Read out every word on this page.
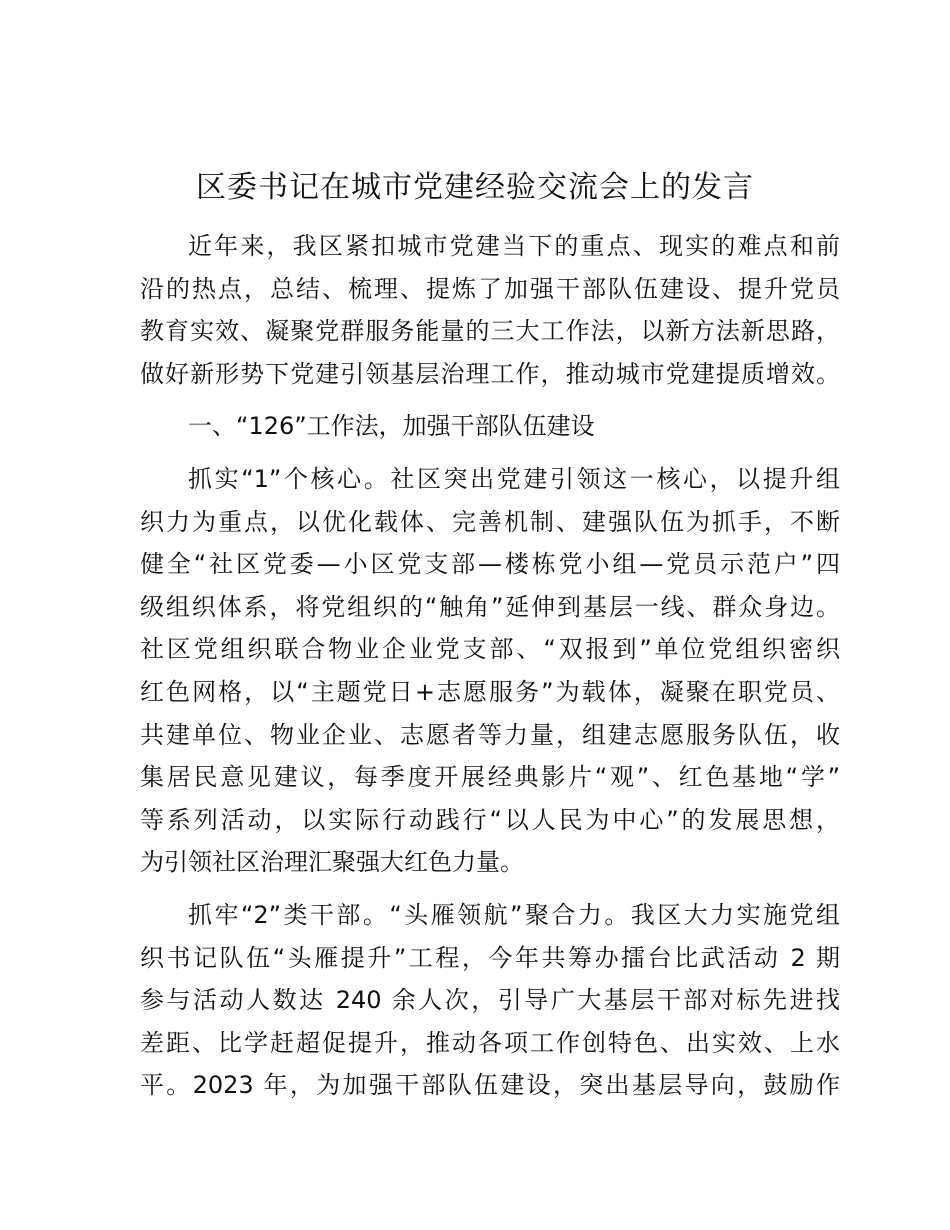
区委书记在城市党建经验交流会上的发言
近年来，我区紧扣城市党建当下的重点、现实的难点和前
沿的热点，总结、梳理、提炼了加强干部队伍建设、提升党员
教育实效、凝聚党群服务能量的三大工作法，以新方法新思路，
做好新形势下党建引领基层治理工作，推动城市党建提质增效。
一、“126”工作法，加强干部队伍建设
抓实“1”个核心。社区突出党建引领这一核心，以提升组
织力为重点，以优化载体、完善机制、建强队伍为抓手，不断
健全“社区党委—小区党支部—楼栋党小组—党员示范户”四
级组织体系，将党组织的“触角”延伸到基层一线、群众身边。
社区党组织联合物业企业党支部、“双报到”单位党组织密织
红色网格，以“主题党日+志愿服务”为载体，凝聚在职党员、
共建单位、物业企业、志愿者等力量，组建志愿服务队伍，收
集居民意见建议，每季度开展经典影片“观”、红色基地“学”
等系列活动，以实际行动践行“以人民为中心”的发展思想，
为引领社区治理汇聚强大红色力量。
抓牢“2”类干部。“头雁领航”聚合力。我区大力实施党组
织书记队伍“头雁提升”工程，今年共筹办擂台比武活动 2 期
参与活动人数达 240 余人次，引导广大基层干部对标先进找
差距、比学赶超促提升，推动各项工作创特色、出实效、上水
平。2023 年，为加强干部队伍建设，突出基层导向，鼓励作
